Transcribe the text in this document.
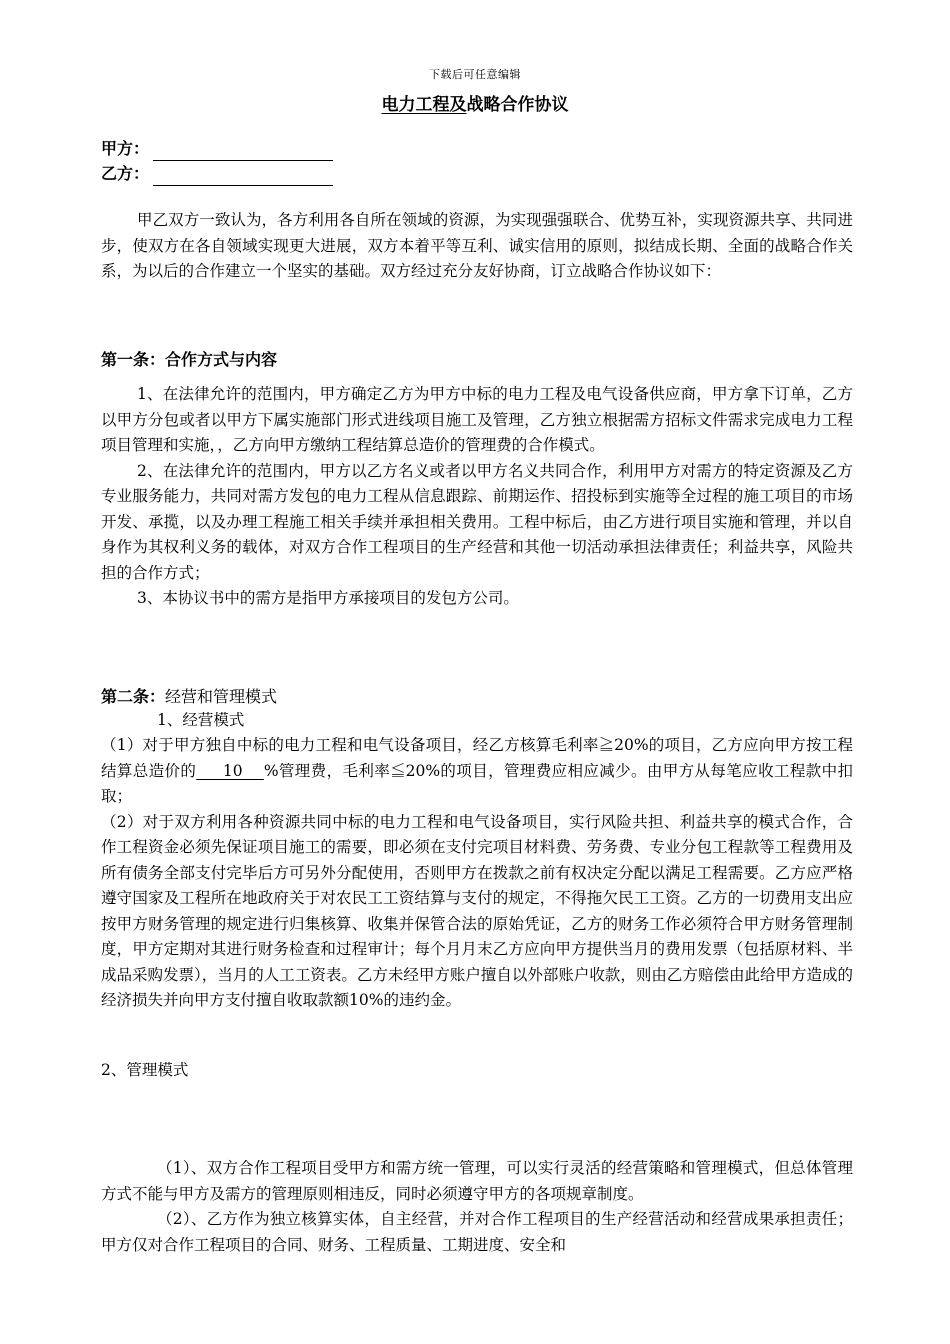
下载后可任意编辑
电力工程及战略合作协议
甲方：
乙方：

甲乙双方一致认为，各方利用各自所在领域的资源，为实现强强联合、优势互补，实现资源共享、共同进步，使双方在各自领域实现更大进展，双方本着平等互利、诚实信用的原则，拟结成长期、全面的战略合作关系，为以后的合作建立一个坚实的基础。双方经过充分友好协商，订立战略合作协议如下：

第一条：合作方式与内容

1、在法律允许的范围内，甲方确定乙方为甲方中标的电力工程及电气设备供应商，甲方拿下订单，乙方以甲方分包或者以甲方下属实施部门形式进线项目施工及管理，乙方独立根据需方招标文件需求完成电力工程项目管理和实施，，乙方向甲方缴纳工程结算总造价的管理费的合作模式。

2、在法律允许的范围内，甲方以乙方名义或者以甲方名义共同合作，利用甲方对需方的特定资源及乙方专业服务能力，共同对需方发包的电力工程从信息跟踪、前期运作、招投标到实施等全过程的施工项目的市场开发、承揽，以及办理工程施工相关手续并承担相关费用。工程中标后，由乙方进行项目实施和管理，并以自身作为其权利义务的载体，对双方合作工程项目的生产经营和其他一切活动承担法律责任；利益共享，风险共担的合作方式；

3、本协议书中的需方是指甲方承接项目的发包方公司。

第二条：经营和管理模式
1、经营模式

（1）对于甲方独自中标的电力工程和电气设备项目，经乙方核算毛利率≧20%的项目，乙方应向甲方按工程结算总造价的     10    %管理费，毛利率≦20%的项目，管理费应相应减少。由甲方从每笔应收工程款中扣取；

（2）对于双方利用各种资源共同中标的电力工程和电气设备项目，实行风险共担、利益共享的模式合作，合作工程资金必须先保证项目施工的需要，即必须在支付完项目材料费、劳务费、专业分包工程款等工程费用及所有债务全部支付完毕后方可另外分配使用，否则甲方在拨款之前有权决定分配以满足工程需要。乙方应严格遵守国家及工程所在地政府关于对农民工工资结算与支付的规定，不得拖欠民工工资。乙方的一切费用支出应按甲方财务管理的规定进行归集核算、收集并保管合法的原始凭证，乙方的财务工作必须符合甲方财务管理制度，甲方定期对其进行财务检查和过程审计；每个月月末乙方应向甲方提供当月的费用发票（包括原材料、半成品采购发票），当月的人工工资表。乙方未经甲方账户擅自以外部账户收款，则由乙方赔偿由此给甲方造成的经济损失并向甲方支付擅自收取款额10%的违约金。

2、管理模式

（1）、双方合作工程项目受甲方和需方统一管理，可以实行灵活的经营策略和管理模式，但总体管理方式不能与甲方及需方的管理原则相违反，同时必须遵守甲方的各项规章制度。

（2）、乙方作为独立核算实体，自主经营，并对合作工程项目的生产经营活动和经营成果承担责任；甲方仅对合作工程项目的合同、财务、工程质量、工期进度、安全和
